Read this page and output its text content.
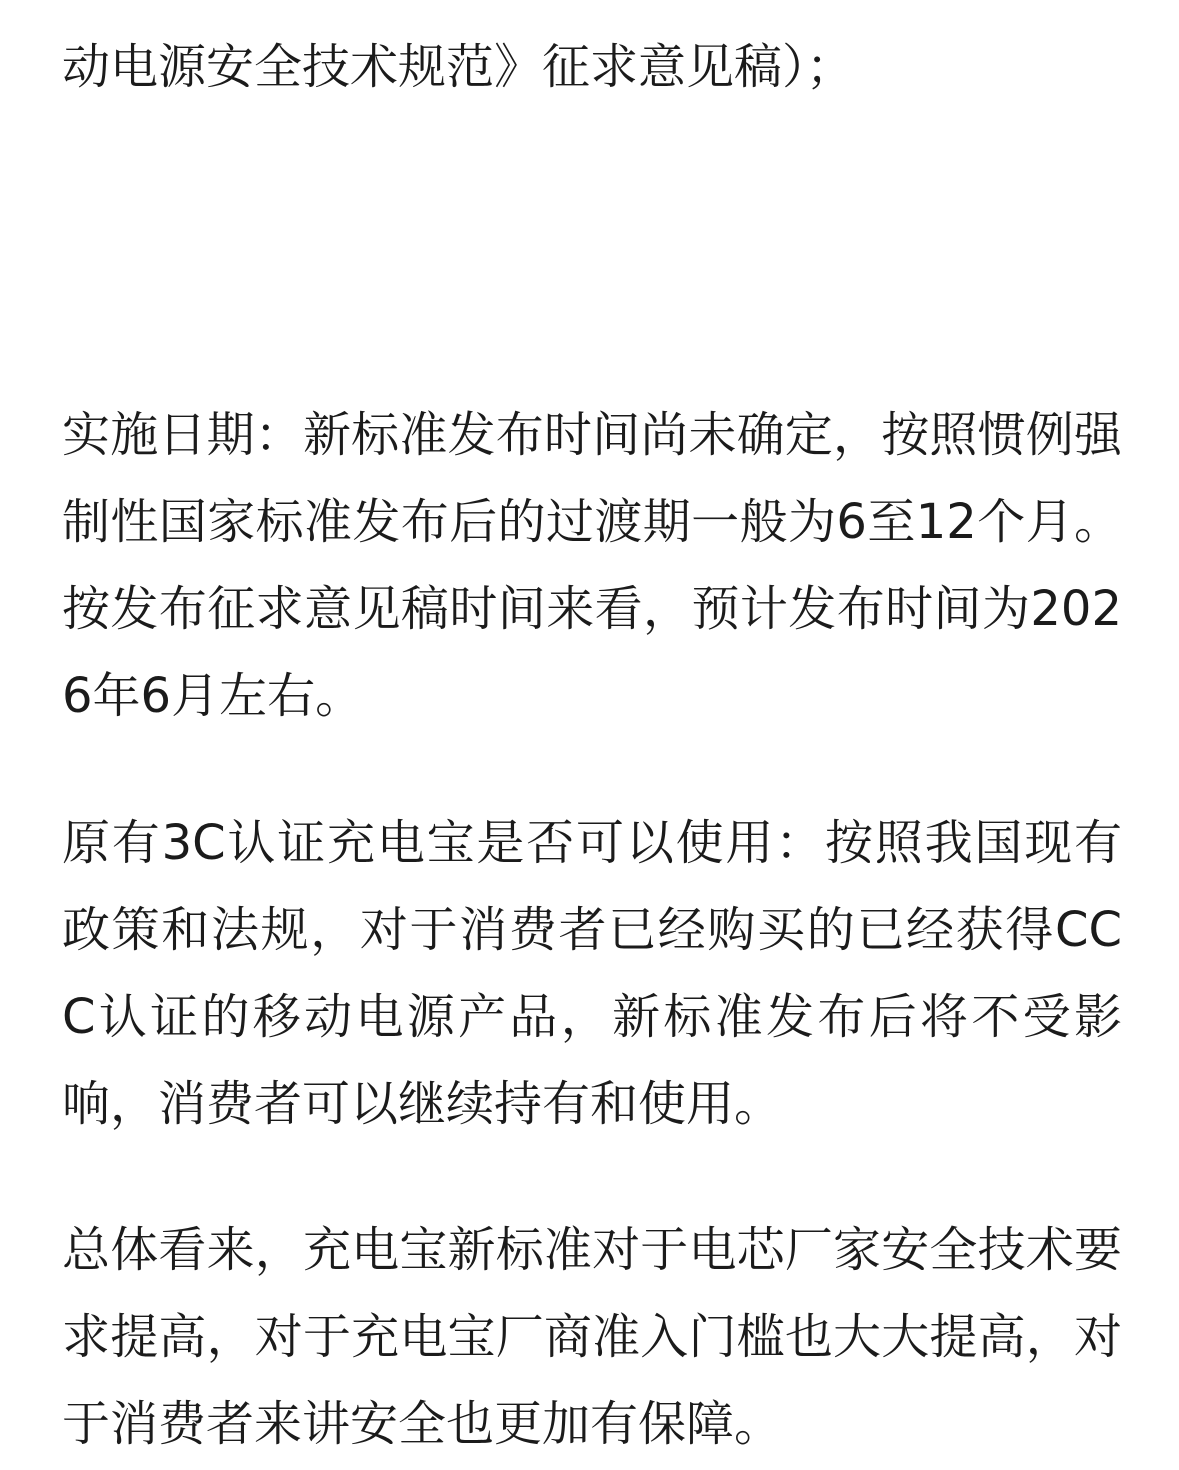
动电源安全技术规范》征求意见稿）；

实施日期：新标准发布时间尚未确定，按照惯例强制性国家标准发布后的过渡期一般为6至12个月。按发布征求意见稿时间来看，预计发布时间为2026年6月左右。

原有3C认证充电宝是否可以使用：按照我国现有政策和法规，对于消费者已经购买的已经获得CCC认证的移动电源产品，新标准发布后将不受影响，消费者可以继续持有和使用。

总体看来，充电宝新标准对于电芯厂家安全技术要求提高，对于充电宝厂商准入门槛也大大提高，对于消费者来讲安全也更加有保障。
